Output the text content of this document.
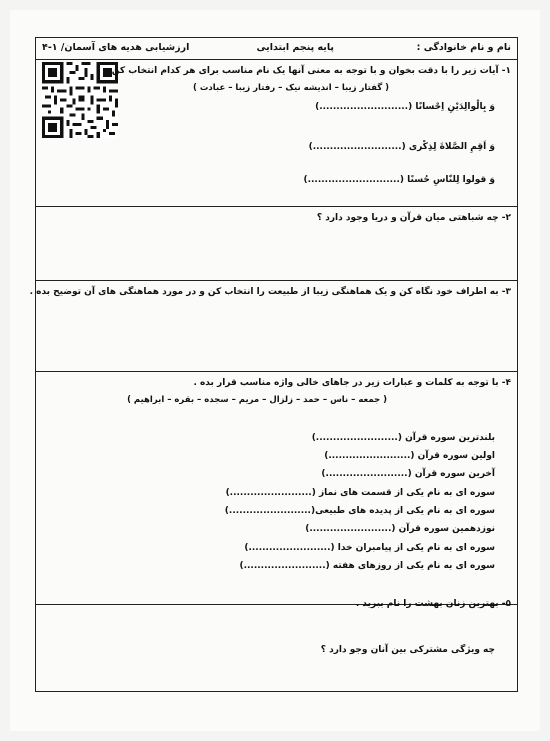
نام و نام خانوادگی :
پایه پنجم ابتدایی
ارزشیابی هدیه های آسمان/ ۱-۴
۱- آیات زیر را با دقت بخوان و با توجه به معنی آنها یک نام مناسب برای هر کدام انتخاب کن .
( گفتار زیبا – اندیشه نیک – رفتار زیبا – عبادت )
وَ بِالْوالِدَیْنِ اِحْسانًا (..........................)
وَ اَقِمِ الصَّلاةَ لِذِکْری (..........................)
وَ قولوا لِلنّاسِ حُسنًا (...........................)
۲- چه شباهتی میان قرآن و دریا وجود دارد ؟
۳- به اطراف خود نگاه کن و یک هماهنگی زیبا از طبیعت را انتخاب کن و در مورد هماهنگی های آن توضیح بده .
۴- با توجه به کلمات و عبارات زیر در جاهای خالی واژه مناسب قرار بده .
( جمعه – ناس – حمد – زلزال – مریم – سجده – بقره – ابراهیم )
بلندترین سوره قرآن (........................)
اولین سوره قرآن (........................)
آخرین سوره قرآن (........................)
سوره ای به نام یکی از قسمت های نماز (........................)
سوره ای به نام یکی از پدیده های طبیعی(........................)
نوزدهمین سوره قرآن (........................)
سوره ای به نام یکی از پیامبران خدا (........................)
سوره ای به نام یکی از روزهای هفته (........................)
۵- بهترین زنان بهشت را نام ببرید .
چه ویژگی مشترکی بین آنان وجو دارد ؟
